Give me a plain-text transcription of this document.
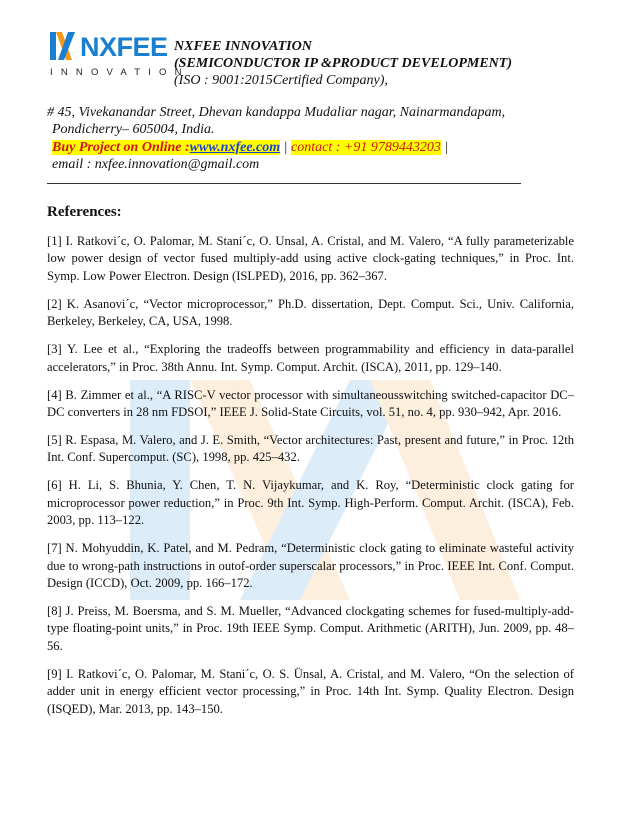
NXFEE
INNOVATION
NXFEE INNOVATION
(SEMICONDUCTOR IP &PRODUCT DEVELOPMENT)
(ISO : 9001:2015Certified Company),
# 45, Vivekanandar Street, Dhevan kandappa Mudaliar nagar, Nainarmandapam,
Pondicherry– 605004, India.
Buy Project on Online :www.nxfee.com | contact : +91 9789443203 |
email : nxfee.innovation@gmail.com
References:

[1] I. Ratkovi´c, O. Palomar, M. Stani´c, O. Unsal, A. Cristal, and M. Valero, “A fully parameterizable low power design of vector fused multiply-add using active clock-gating techniques,” in Proc. Int. Symp. Low Power Electron. Design (ISLPED), 2016, pp. 362–367.

[2] K. Asanovi´c, “Vector microprocessor,” Ph.D. dissertation, Dept. Comput. Sci., Univ. California, Berkeley, Berkeley, CA, USA, 1998.

[3] Y. Lee et al., “Exploring the tradeoffs between programmability and efficiency in data-parallel accelerators,” in Proc. 38th Annu. Int. Symp. Comput. Archit. (ISCA), 2011, pp. 129–140.

[4] B. Zimmer et al., “A RISC-V vector processor with simultaneousswitching switched-capacitor DC–DC converters in 28 nm FDSOI,” IEEE J. Solid-State Circuits, vol. 51, no. 4, pp. 930–942, Apr. 2016.

[5] R. Espasa, M. Valero, and J. E. Smith, “Vector architectures: Past, present and future,” in Proc. 12th Int. Conf. Supercomput. (SC), 1998, pp. 425–432.

[6] H. Li, S. Bhunia, Y. Chen, T. N. Vijaykumar, and K. Roy, “Deterministic clock gating for microprocessor power reduction,” in Proc. 9th Int. Symp. High-Perform. Comput. Archit. (ISCA), Feb. 2003, pp. 113–122.

[7] N. Mohyuddin, K. Patel, and M. Pedram, “Deterministic clock gating to eliminate wasteful activity due to wrong-path instructions in outof-order superscalar processors,” in Proc. IEEE Int. Conf. Comput. Design (ICCD), Oct. 2009, pp. 166–172.

[8] J. Preiss, M. Boersma, and S. M. Mueller, “Advanced clockgating schemes for fused-multiply-add-type floating-point units,” in Proc. 19th IEEE Symp. Comput. Arithmetic (ARITH), Jun. 2009, pp. 48–56.

[9] I. Ratkovi´c, O. Palomar, M. Stani´c, O. S. Ünsal, A. Cristal, and M. Valero, “On the selection of adder unit in energy efficient vector processing,” in Proc. 14th Int. Symp. Quality Electron. Design (ISQED), Mar. 2013, pp. 143–150.
